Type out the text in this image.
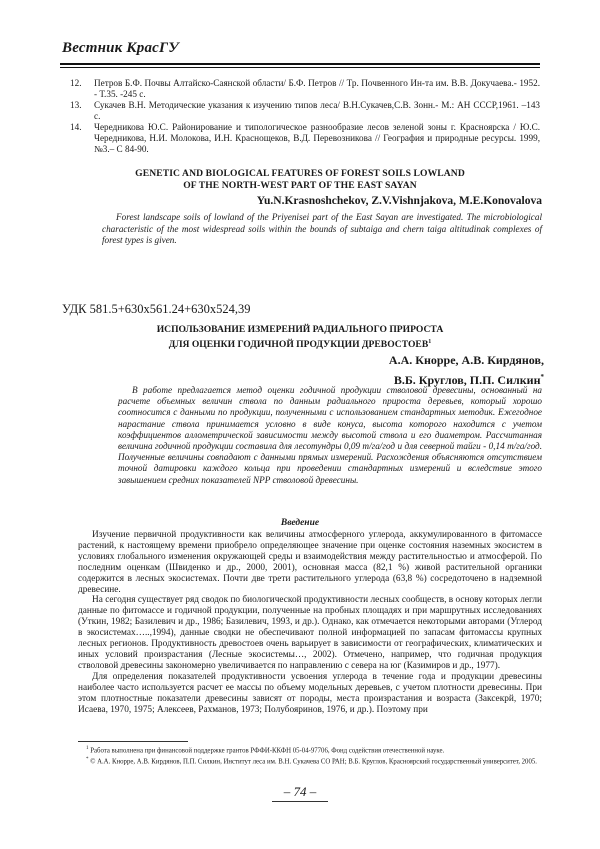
Вестник КрасГУ
12.	Петров Б.Ф. Почвы Алтайско-Саянской области/ Б.Ф. Петров // Тр. Почвенного Ин-та им. В.В. Докучаева.- 1952. - Т.35. -245 с.
13.	Сукачев В.Н. Методические указания к изучению типов леса/ В.Н.Сукачев,С.В. Зонн.- М.: АН СССР,1961. –143 с.
14.	Чередникова Ю.С. Районирование и типологическое разнообразие лесов зеленой зоны г. Красноярска / Ю.С. Чередникова, Н.И. Молокова, И.Н. Краснощеков, В.Д. Перевозникова // География и природные ресурсы. 1999, №3.– С 84-90.
GENETIC AND BIOLOGICAL FEATURES OF FOREST SOILS LOWLAND
OF THE NORTH-WEST PART OF THE EAST SAYAN
Yu.N.Krasnoshchekov, Z.V.Vishnjakova, M.E.Konovalova
Forest landscape soils of lowland of the Priyenisei part of the East Sayan are investigated. The microbiological characteristic of the most widespread soils within the bounds of subtaiga and chern taiga altitudinak complexes of forest types is given.
УДК 581.5+630х561.24+630х524,39
ИСПОЛЬЗОВАНИЕ ИЗМЕРЕНИЙ РАДИАЛЬНОГО ПРИРОСТА
ДЛЯ ОЦЕНКИ ГОДИЧНОЙ ПРОДУКЦИИ ДРЕВОСТОЕВ$^1$
А.А. Кнорре, А.В. Кирдянов,
В.Б. Круглов, П.П. Силкин*
В работе предлагается метод оценки годичной продукции стволовой древесины, основанный на расчете объемных величин ствола по данным радиального прироста деревьев, который хорошо соотносится с данными по продукции, полученными с использованием стандартных методик. Ежегодное нарастание ствола принимается условно в виде конуса, высота которого находится с учетом коэффициентов аллометрической зависимости между высотой ствола и его диаметром. Рассчитанная величина годичной продукции составила для лесотундры 0,09 т/га/год и для северной тайги - 0,14 т/га/год. Полученные величины совпадают с данными прямых измерений. Расхождения объясняются отсутствием точной датировки каждого кольца при проведении стандартных измерений и вследствие этого завышением средних показателей NPP стволовой древесины.
Введение

Изучение первичной продуктивности как величины атмосферного углерода, аккумулированного в фитомассе растений, к настоящему времени приобрело определяющее значение при оценке состояния наземных экосистем в условиях глобального изменения окружающей среды и взаимодействия между растительностью и атмосферой. По последним оценкам (Швиденко и др., 2000, 2001), основная масса (82,1 %) живой растительной органики содержится в лесных экосистемах. Почти две трети растительного углерода (63,8 %) сосредоточено в надземной древесине.

На сегодня существует ряд сводок по биологической продуктивности лесных сообществ, в основу которых легли данные по фитомассе и годичной продукции, полученные на пробных площадях и при маршрутных исследованиях (Уткин, 1982; Базилевич и др., 1986; Базилевич, 1993, и др.). Однако, как отмечается некоторыми авторами (Углерод в экосистемах…..,1994), данные сводки не обеспечивают полной информацией по запасам фитомассы крупных лесных регионов. Продуктивность древостоев очень варьирует в зависимости от географических, климатических и иных условий произрастания (Лесные экосистемы…, 2002). Отмечено, например, что годичная продукция стволовой древесины закономерно увеличивается по направлению с севера на юг (Казимиров и др., 1977).

Для определения показателей продуктивности усвоения углерода в течение года и продукции древесины наиболее часто используется расчет ее массы по объему модельных деревьев, с учетом плотности древесины. При этом плотностные показатели древесины зависят от породы, места произрастания и возраста (Заксекрй, 1970; Исаева, 1970, 1975; Алексеев, Рахманов, 1973; Полубояринов, 1976, и др.). Поэтому при

$^1$ Работа выполнена при финансовой поддержке грантов РФФИ-ККФН 05-04-97706, Фонд содействия отечественной науке.

* © А.А. Кнорре, А.В. Кирдянов, П.П. Силкин, Институт леса им. В.Н. Сукачева СО РАН; В.Б. Круглов, Красноярский государственный университет, 2005.

– 74 –
